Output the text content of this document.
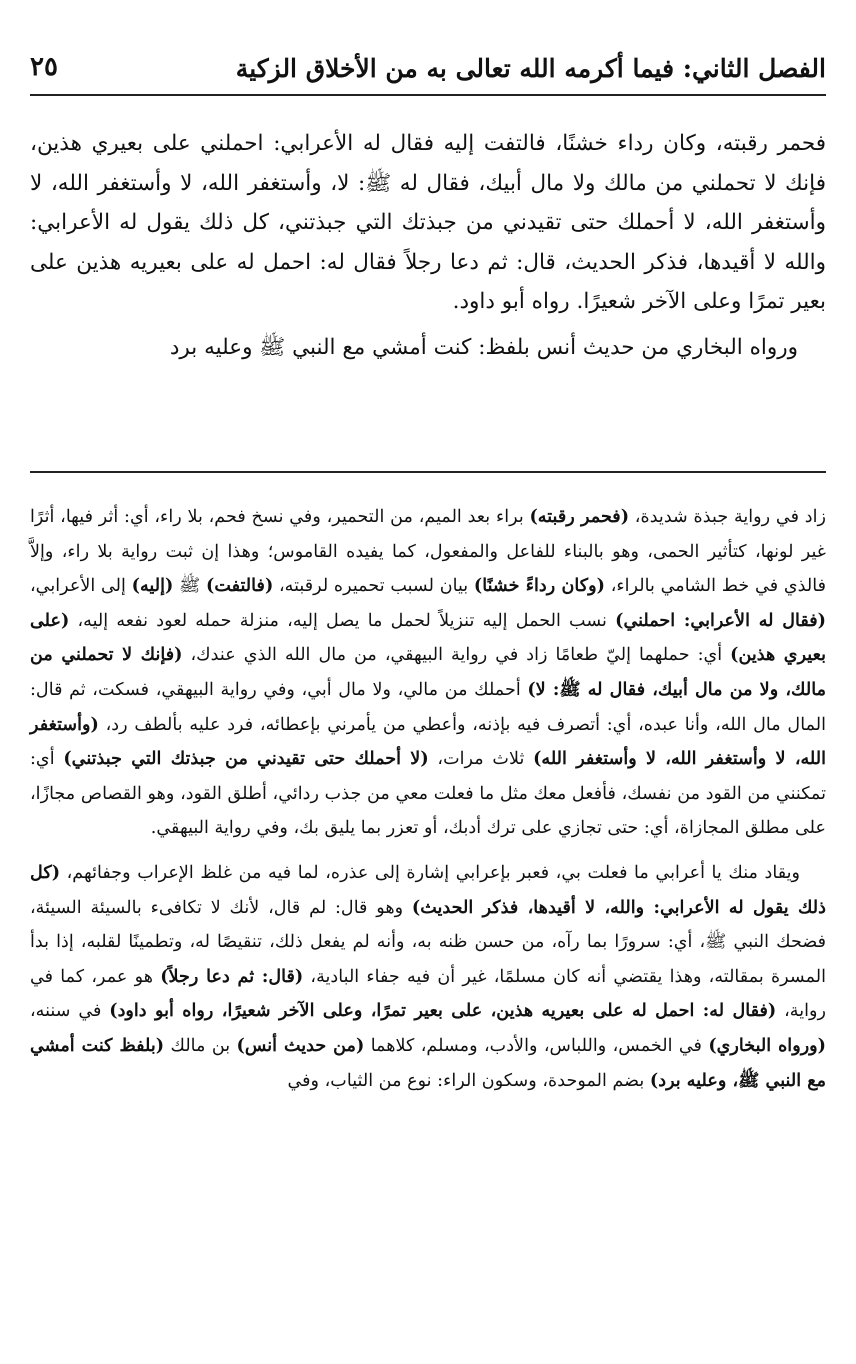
الفصل الثاني: فيما أكرمه الله تعالى به من الأخلاق الزكية
٢٥

فحمر رقبته، وكان رداء خشنًا، فالتفت إليه فقال له الأعرابي: احملني على بعيري هذين، فإنك لا تحملني من مالك ولا مال أبيك، فقال له ﷺ: لا، وأستغفر الله، لا وأستغفر الله، لا وأستغفر الله، لا أحملك حتى تقيدني من جبذتك التي جبذتني، كل ذلك يقول له الأعرابي: والله لا أقيدها، فذكر الحديث، قال: ثم دعا رجلاً فقال له: احمل له على بعيريه هذين على بعير تمرًا وعلى الآخر شعيرًا. رواه أبو داود.

ورواه البخاري من حديث أنس بلفظ: كنت أمشي مع النبي ﷺ وعليه برد

زاد في رواية جبذة شديدة، (فحمر رقبته) براء بعد الميم، من التحمير، وفي نسخ فحم، بلا راء، أي: أثر فيها، أثرًا غير لونها، كتأثير الحمى، وهو بالبناء للفاعل والمفعول، كما يفيده القاموس؛ وهذا إن ثبت رواية بلا راء، وإلاَّ فالذي في خط الشامي بالراء، (وكان رداءً خشنًا) بيان لسبب تحميره لرقبته، (فالتفت) ﷺ (إليه) إلى الأعرابي، (فقال له الأعرابي: احملني) نسب الحمل إليه تنزيلاً لحمل ما يصل إليه، منزلة حمله لعود نفعه إليه، (على بعيري هذين) أي: حملهما إليّ طعامًا زاد في رواية البيهقي، من مال الله الذي عندك، (فإنك لا تحملني من مالك، ولا من مال أبيك، فقال له ﷺ: لا) أحملك من مالي، ولا مال أبي، وفي رواية البيهقي، فسكت، ثم قال: المال مال الله، وأنا عبده، أي: أتصرف فيه بإذنه، وأعطي من يأمرني بإعطائه، فرد عليه بألطف رد، (وأستغفر الله، لا وأستغفر الله، لا وأستغفر الله) ثلاث مرات، (لا أحملك حتى تقيدني من جبذتك التي جبذتني) أي: تمكنني من القود من نفسك، فأفعل معك مثل ما فعلت معي من جذب ردائي، أطلق القود، وهو القصاص مجازًا، على مطلق المجازاة، أي: حتى تجازي على ترك أدبك، أو تعزر بما يليق بك، وفي رواية البيهقي.

ويقاد منك يا أعرابي ما فعلت بي، فعبر بإعرابي إشارة إلى عذره، لما فيه من غلظ الإعراب وجفائهم، (كل ذلك يقول له الأعرابي: والله، لا أقيدها، فذكر الحديث) وهو قال: لم قال، لأنك لا تكافىء بالسيئة السيئة، فضحك النبي ﷺ، أي: سرورًا بما رآه، من حسن ظنه به، وأنه لم يفعل ذلك، تنقيصًا له، وتطمينًا لقلبه، إذا بدأ المسرة بمقالته، وهذا يقتضي أنه كان مسلمًا، غير أن فيه جفاء البادية، (قال: ثم دعا رجلاً) هو عمر، كما في رواية، (فقال له: احمل له على بعيريه هذين، على بعير تمرًا، وعلى الآخر شعيرًا، رواه أبو داود) في سننه، (ورواه البخاري) في الخمس، واللباس، والأدب، ومسلم، كلاهما (من حديث أنس) بن مالك (بلفظ كنت أمشي مع النبي ﷺ، وعليه برد) بضم الموحدة، وسكون الراء: نوع من الثياب، وفي
